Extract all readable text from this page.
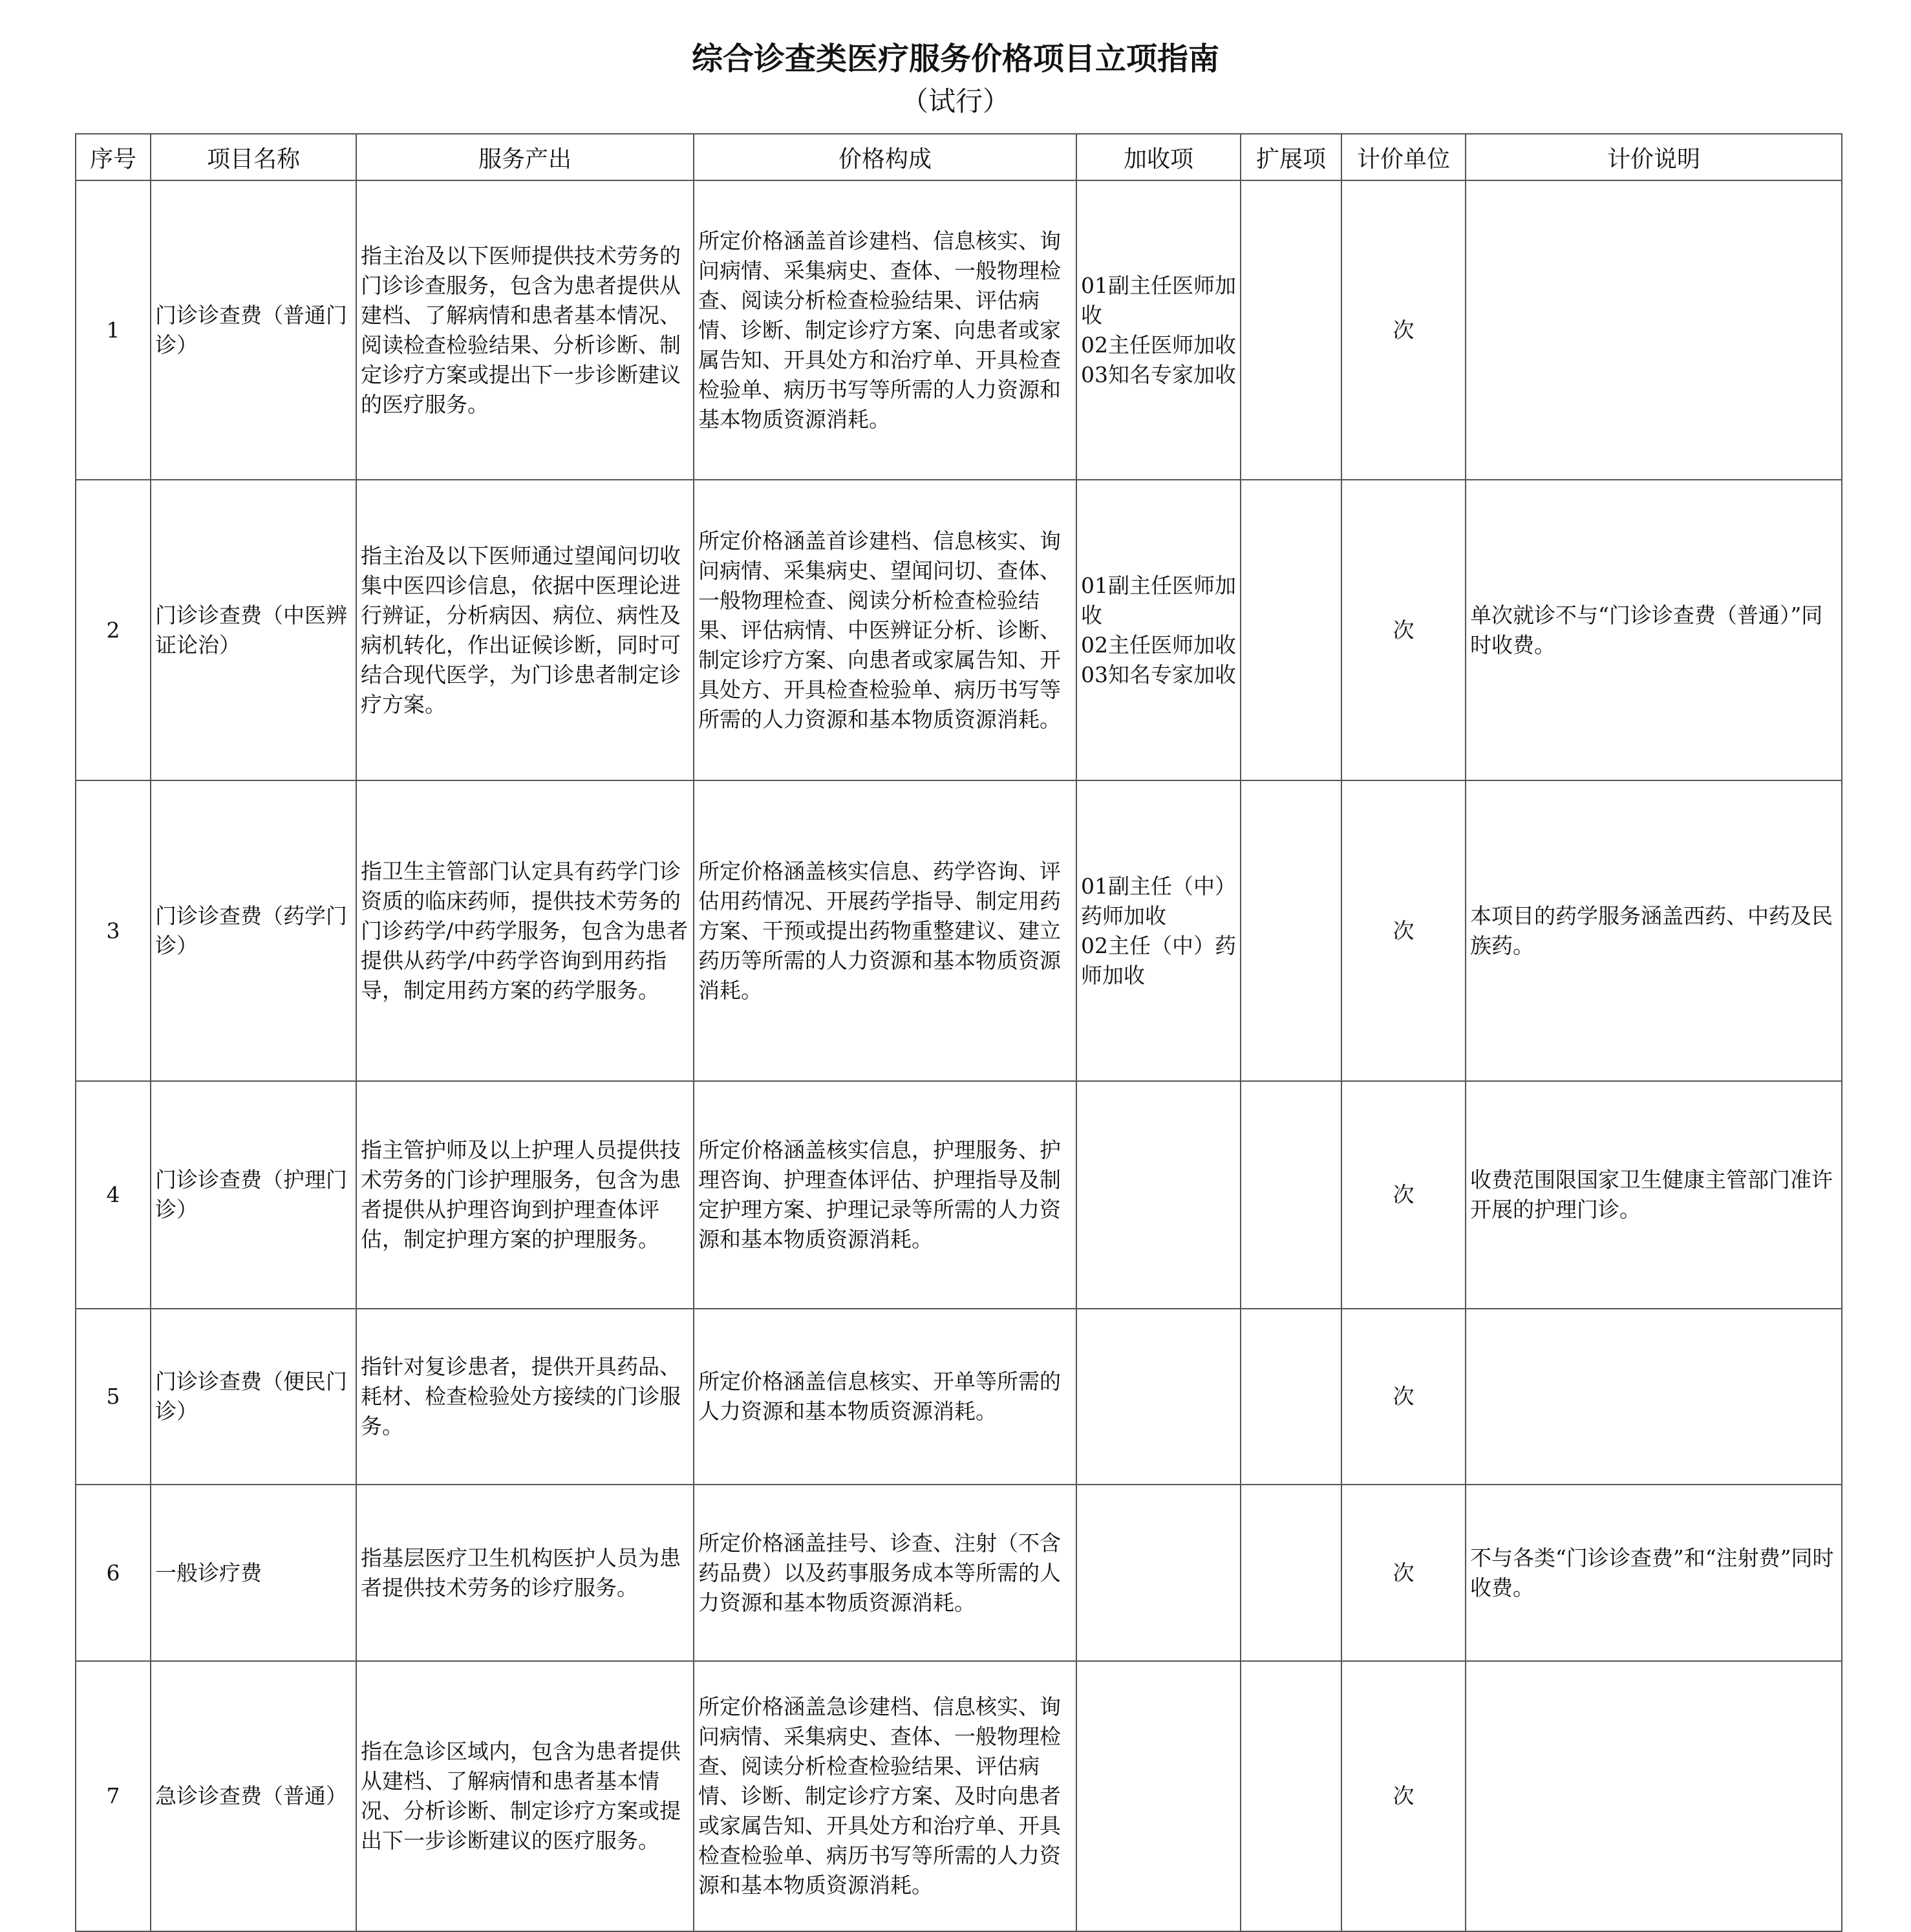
综合诊查类医疗服务价格项目立项指南
（试行）
序号	项目名称	服务产出	价格构成	加收项	扩展项	计价单位	计价说明
1	门诊诊查费（普通门诊）	指主治及以下医师提供技术劳务的门诊诊查服务，包含为患者提供从建档、了解病情和患者基本情况、阅读检查检验结果、分析诊断、制定诊疗方案或提出下一步诊断建议的医疗服务。	所定价格涵盖首诊建档、信息核实、询问病情、采集病史、查体、一般物理检查、阅读分析检查检验结果、评估病情、诊断、制定诊疗方案、向患者或家属告知、开具处方和治疗单、开具检查检验单、病历书写等所需的人力资源和基本物质资源消耗。	01副主任医师加收
02主任医师加收
03知名专家加收		次	
2	门诊诊查费（中医辨证论治）	指主治及以下医师通过望闻问切收集中医四诊信息，依据中医理论进行辨证，分析病因、病位、病性及病机转化，作出证候诊断，同时可结合现代医学，为门诊患者制定诊疗方案。	所定价格涵盖首诊建档、信息核实、询问病情、采集病史、望闻问切、查体、一般物理检查、阅读分析检查检验结果、评估病情、中医辨证分析、诊断、制定诊疗方案、向患者或家属告知、开具处方、开具检查检验单、病历书写等所需的人力资源和基本物质资源消耗。	01副主任医师加收
02主任医师加收
03知名专家加收		次	单次就诊不与“门诊诊查费（普通）”同时收费。
3	门诊诊查费（药学门诊）	指卫生主管部门认定具有药学门诊资质的临床药师，提供技术劳务的门诊药学/中药学服务，包含为患者提供从药学/中药学咨询到用药指导，制定用药方案的药学服务。	所定价格涵盖核实信息、药学咨询、评估用药情况、开展药学指导、制定用药方案、干预或提出药物重整建议、建立药历等所需的人力资源和基本物质资源消耗。	01副主任（中）药师加收
02主任（中）药师加收		次	本项目的药学服务涵盖西药、中药及民族药。
4	门诊诊查费（护理门诊）	指主管护师及以上护理人员提供技术劳务的门诊护理服务，包含为患者提供从护理咨询到护理查体评估，制定护理方案的护理服务。	所定价格涵盖核实信息，护理服务、护理咨询、护理查体评估、护理指导及制定护理方案、护理记录等所需的人力资源和基本物质资源消耗。			次	收费范围限国家卫生健康主管部门准许开展的护理门诊。
5	门诊诊查费（便民门诊）	指针对复诊患者，提供开具药品、耗材、检查检验处方接续的门诊服务。	所定价格涵盖信息核实、开单等所需的人力资源和基本物质资源消耗。			次	
6	一般诊疗费	指基层医疗卫生机构医护人员为患者提供技术劳务的诊疗服务。	所定价格涵盖挂号、诊查、注射（不含药品费）以及药事服务成本等所需的人力资源和基本物质资源消耗。			次	不与各类“门诊诊查费”和“注射费”同时收费。
7	急诊诊查费（普通）	指在急诊区域内，包含为患者提供从建档、了解病情和患者基本情况、分析诊断、制定诊疗方案或提出下一步诊断建议的医疗服务。	所定价格涵盖急诊建档、信息核实、询问病情、采集病史、查体、一般物理检查、阅读分析检查检验结果、评估病情、诊断、制定诊疗方案、及时向患者或家属告知、开具处方和治疗单、开具检查检验单、病历书写等所需的人力资源和基本物质资源消耗。			次	
